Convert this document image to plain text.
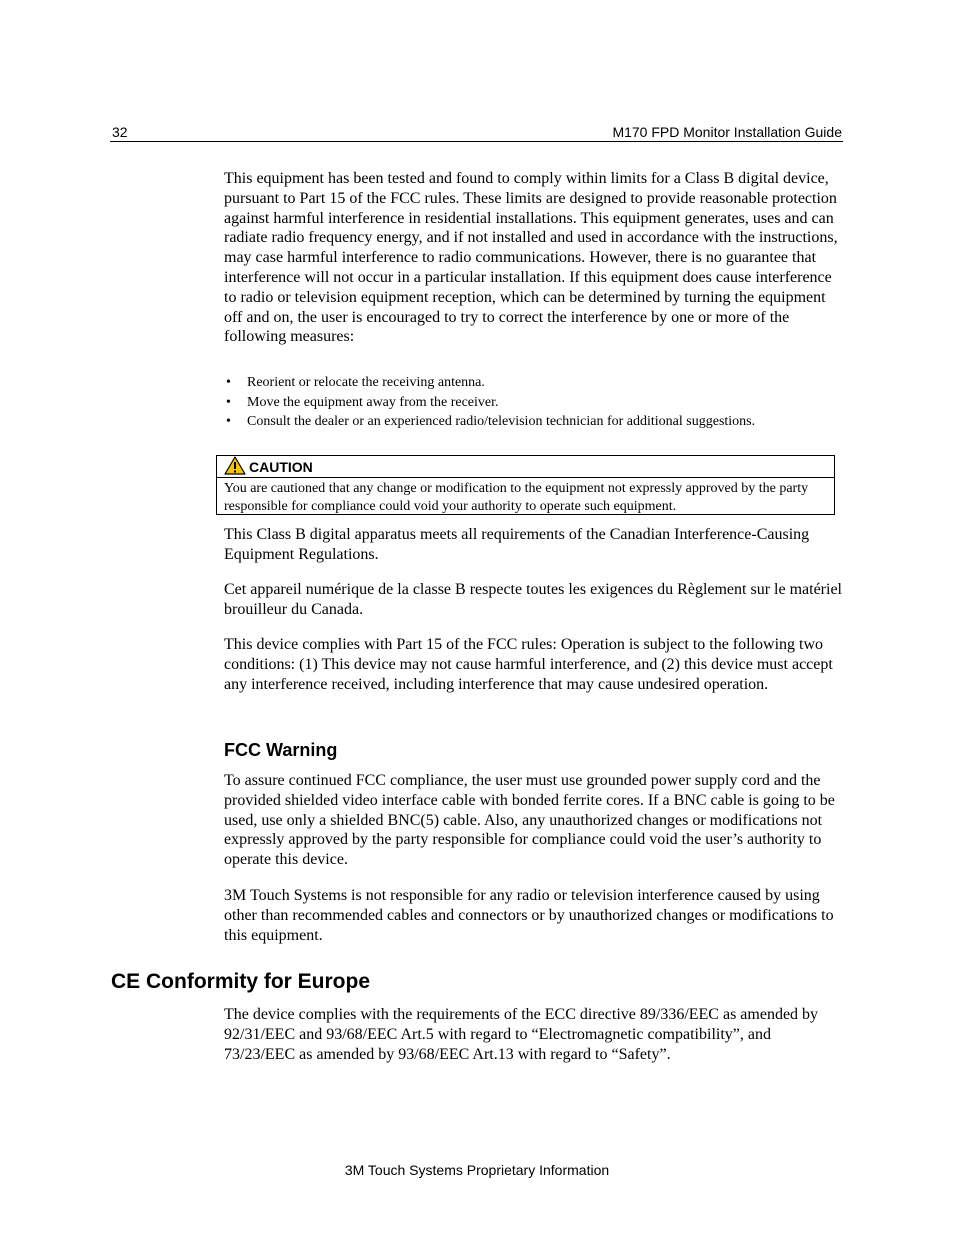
32	M170 FPD Monitor Installation Guide

This equipment has been tested and found to comply within limits for a Class B digital device, pursuant to Part 15 of the FCC rules. These limits are designed to provide reasonable protection against harmful interference in residential installations. This equipment generates, uses and can radiate radio frequency energy, and if not installed and used in accordance with the instructions, may case harmful interference to radio communications. However, there is no guarantee that interference will not occur in a particular installation. If this equipment does cause interference to radio or television equipment reception, which can be determined by turning the equipment off and on, the user is encouraged to try to correct the interference by one or more of the following measures:

• Reorient or relocate the receiving antenna.
• Move the equipment away from the receiver.
• Consult the dealer or an experienced radio/television technician for additional suggestions.
CAUTION
You are cautioned that any change or modification to the equipment not expressly approved by the party responsible for compliance could void your authority to operate such equipment.

This Class B digital apparatus meets all requirements of the Canadian Interference-Causing Equipment Regulations.

Cet appareil numérique de la classe B respecte toutes les exigences du Règlement sur le matériel brouilleur du Canada.

This device complies with Part 15 of the FCC rules: Operation is subject to the following two conditions: (1) This device may not cause harmful interference, and (2) this device must accept any interference received, including interference that may cause undesired operation.

FCC Warning

To assure continued FCC compliance, the user must use grounded power supply cord and the provided shielded video interface cable with bonded ferrite cores. If a BNC cable is going to be used, use only a shielded BNC(5) cable. Also, any unauthorized changes or modifications not expressly approved by the party responsible for compliance could void the user’s authority to operate this device.

3M Touch Systems is not responsible for any radio or television interference caused by using other than recommended cables and connectors or by unauthorized changes or modifications to this equipment.

CE Conformity for Europe

The device complies with the requirements of the ECC directive 89/336/EEC as amended by 92/31/EEC and 93/68/EEC Art.5 with regard to “Electromagnetic compatibility”, and 73/23/EEC as amended by 93/68/EEC Art.13 with regard to “Safety”.

3M Touch Systems Proprietary Information
